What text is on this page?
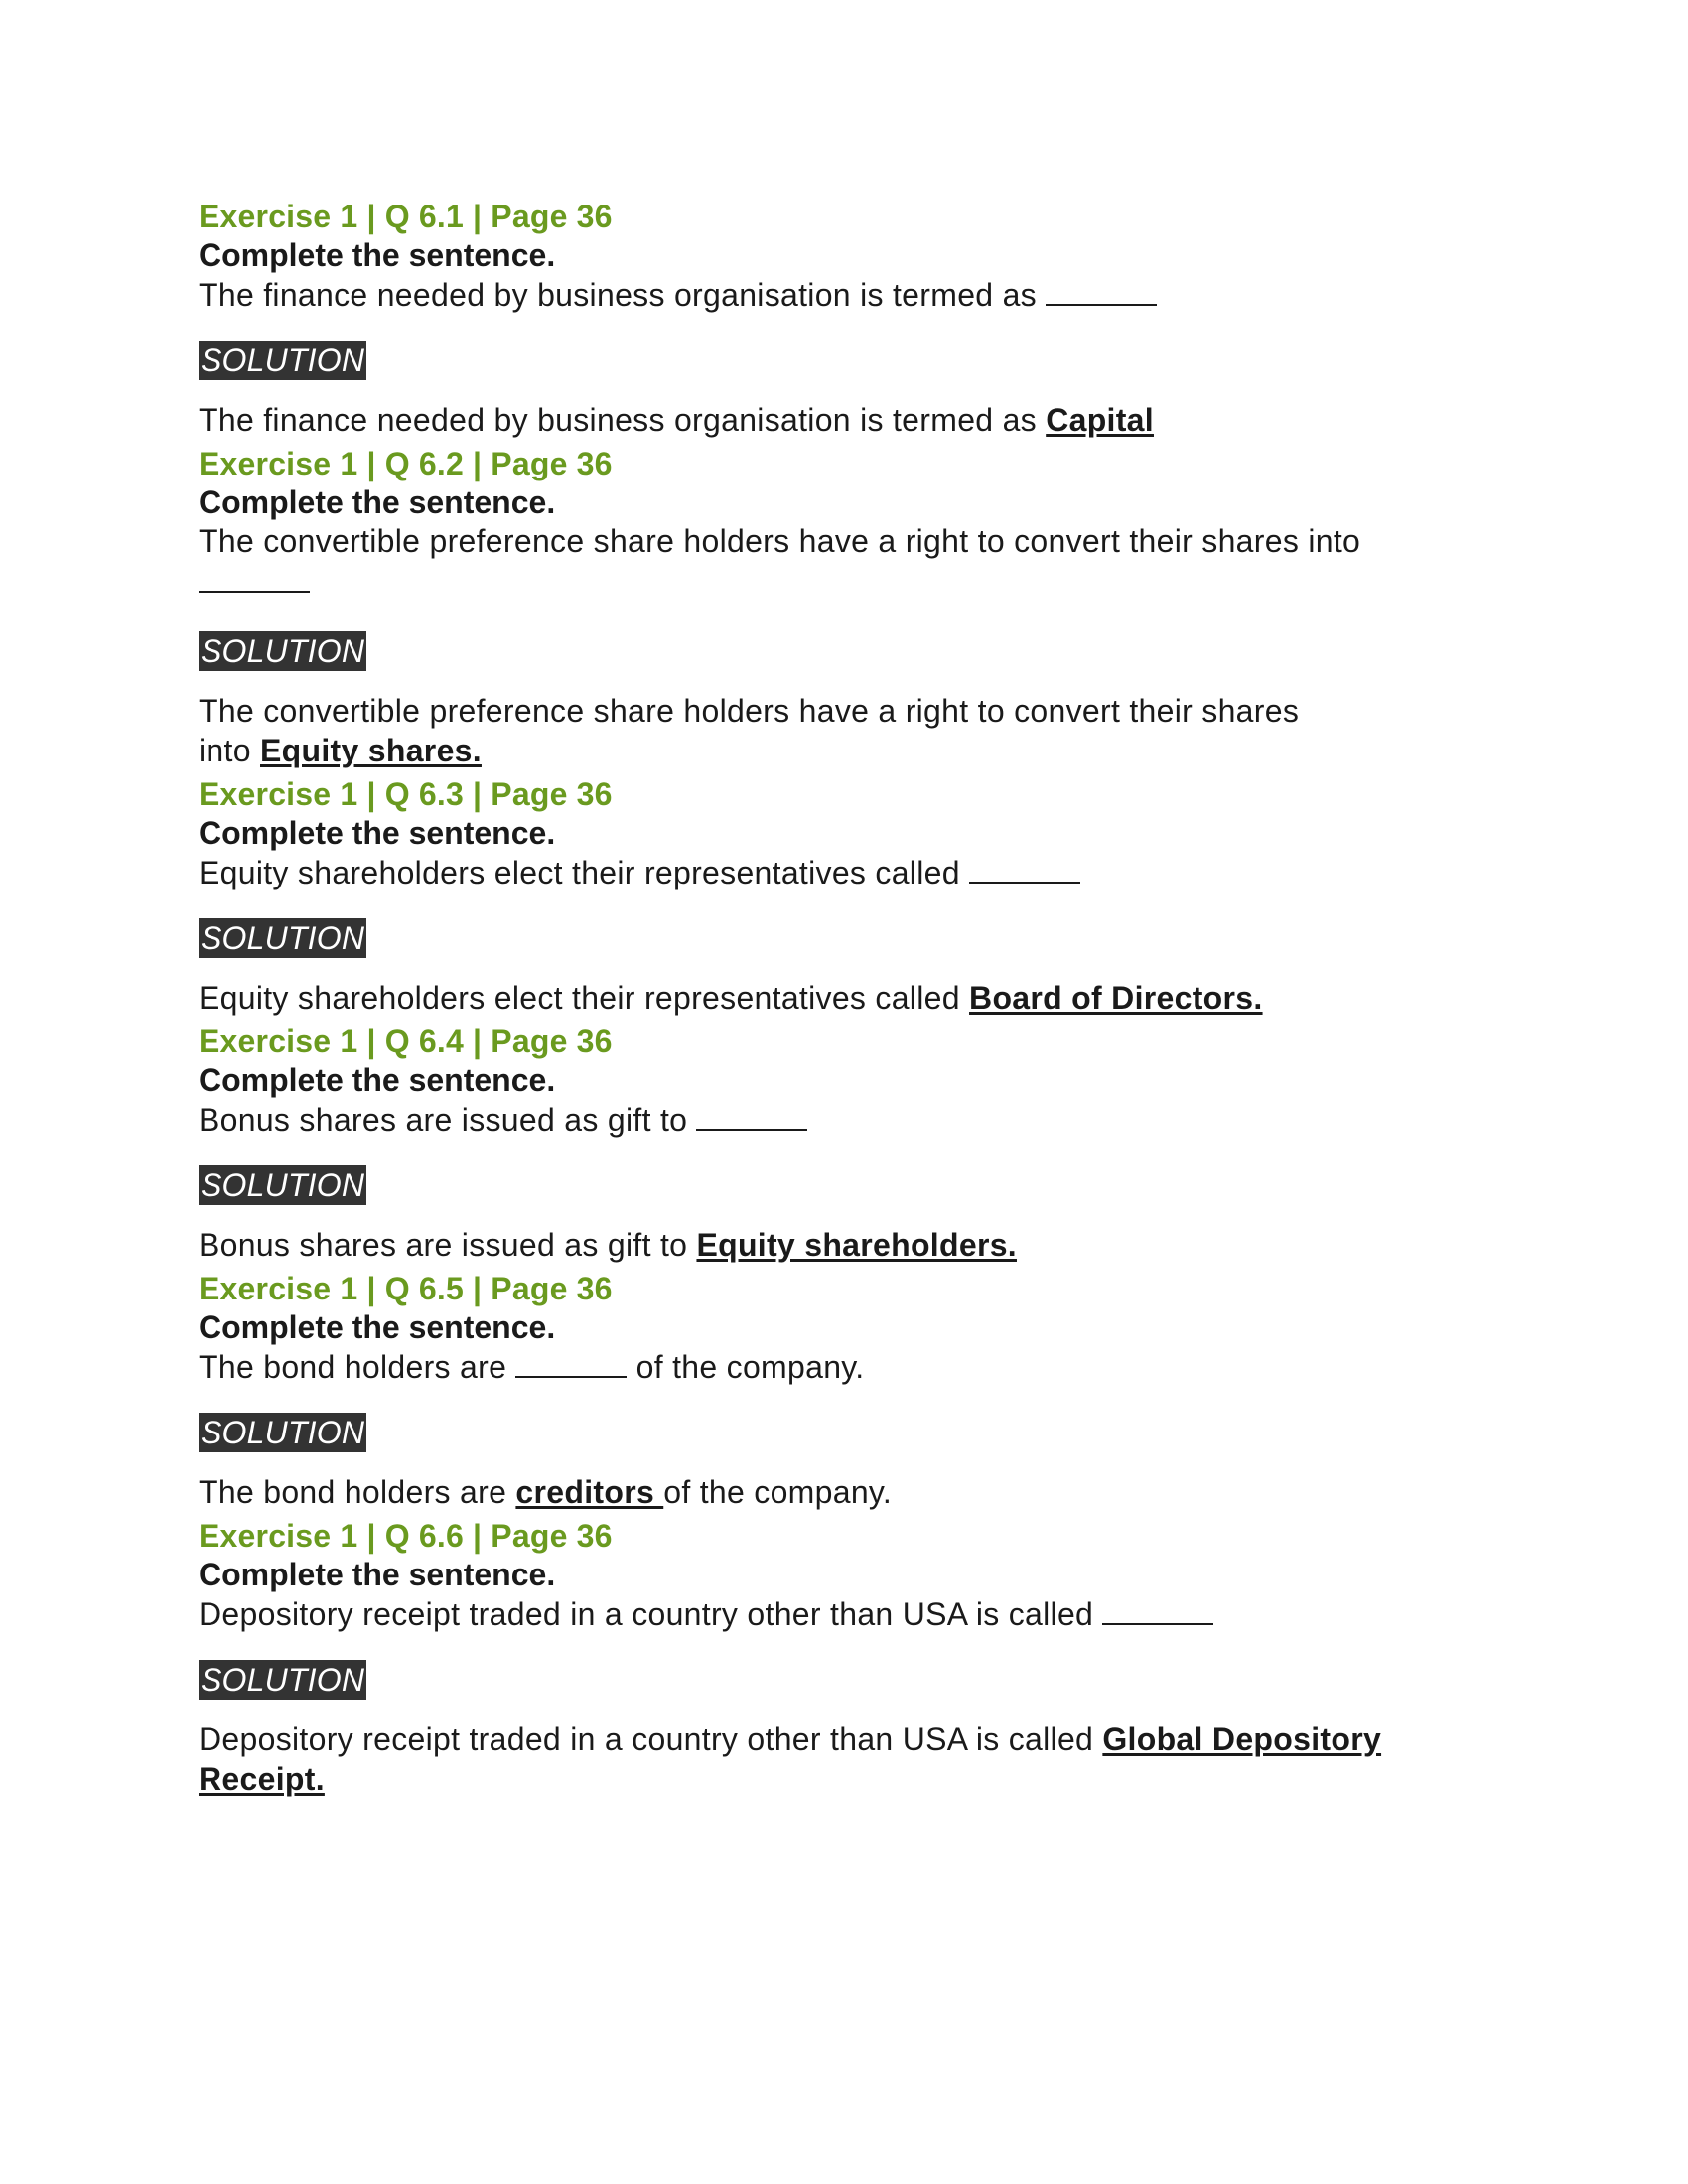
Exercise 1 | Q 6.1 | Page 36

Complete the sentence.

The finance needed by business organisation is termed as

SOLUTION

The finance needed by business organisation is termed as Capital

Exercise 1 | Q 6.2 | Page 36

Complete the sentence.

The convertible preference share holders have a right to convert their shares into

SOLUTION

The convertible preference share holders have a right to convert their shares into Equity shares.

Exercise 1 | Q 6.3 | Page 36

Complete the sentence.

Equity shareholders elect their representatives called

SOLUTION

Equity shareholders elect their representatives called Board of Directors.

Exercise 1 | Q 6.4 | Page 36

Complete the sentence.

Bonus shares are issued as gift to

SOLUTION

Bonus shares are issued as gift to Equity shareholders.

Exercise 1 | Q 6.5 | Page 36

Complete the sentence.

The bond holders are	of the company.

SOLUTION

The bond holders are creditors of the company.

Exercise 1 | Q 6.6 | Page 36

Complete the sentence.

Depository receipt traded in a country other than USA is called

SOLUTION

Depository receipt traded in a country other than USA is called Global Depository Receipt.
